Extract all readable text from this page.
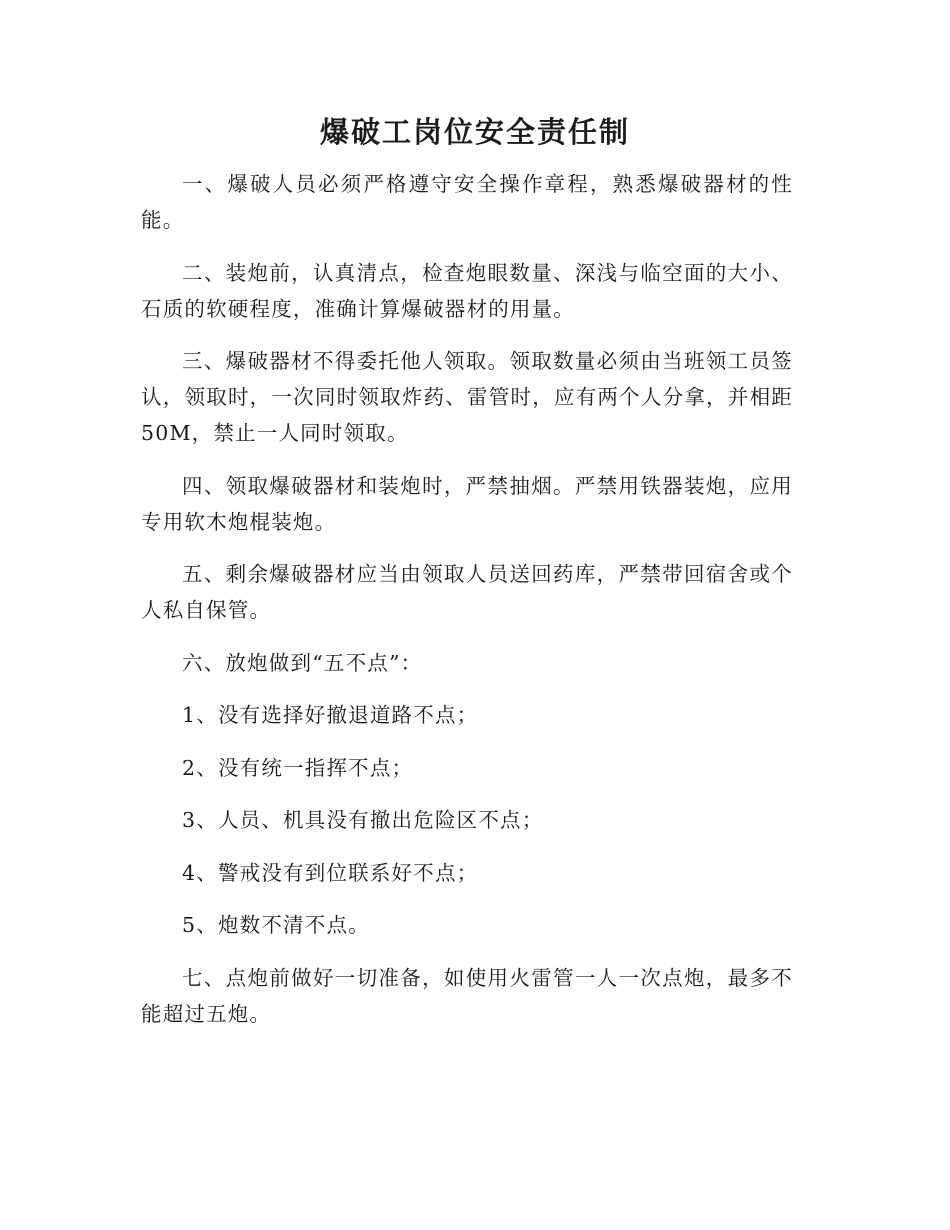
爆破工岗位安全责任制

一、爆破人员必须严格遵守安全操作章程，熟悉爆破器材的性能。

二、装炮前，认真清点，检查炮眼数量、深浅与临空面的大小、石质的软硬程度，准确计算爆破器材的用量。

三、爆破器材不得委托他人领取。领取数量必须由当班领工员签认，领取时，一次同时领取炸药、雷管时，应有两个人分拿，并相距50M，禁止一人同时领取。

四、领取爆破器材和装炮时，严禁抽烟。严禁用铁器装炮，应用专用软木炮棍装炮。

五、剩余爆破器材应当由领取人员送回药库，严禁带回宿舍或个人私自保管。

六、放炮做到“五不点”：

1、没有选择好撤退道路不点；

2、没有统一指挥不点；

3、人员、机具没有撤出危险区不点；

4、警戒没有到位联系好不点；

5、炮数不清不点。

七、点炮前做好一切准备，如使用火雷管一人一次点炮，最多不能超过五炮。
